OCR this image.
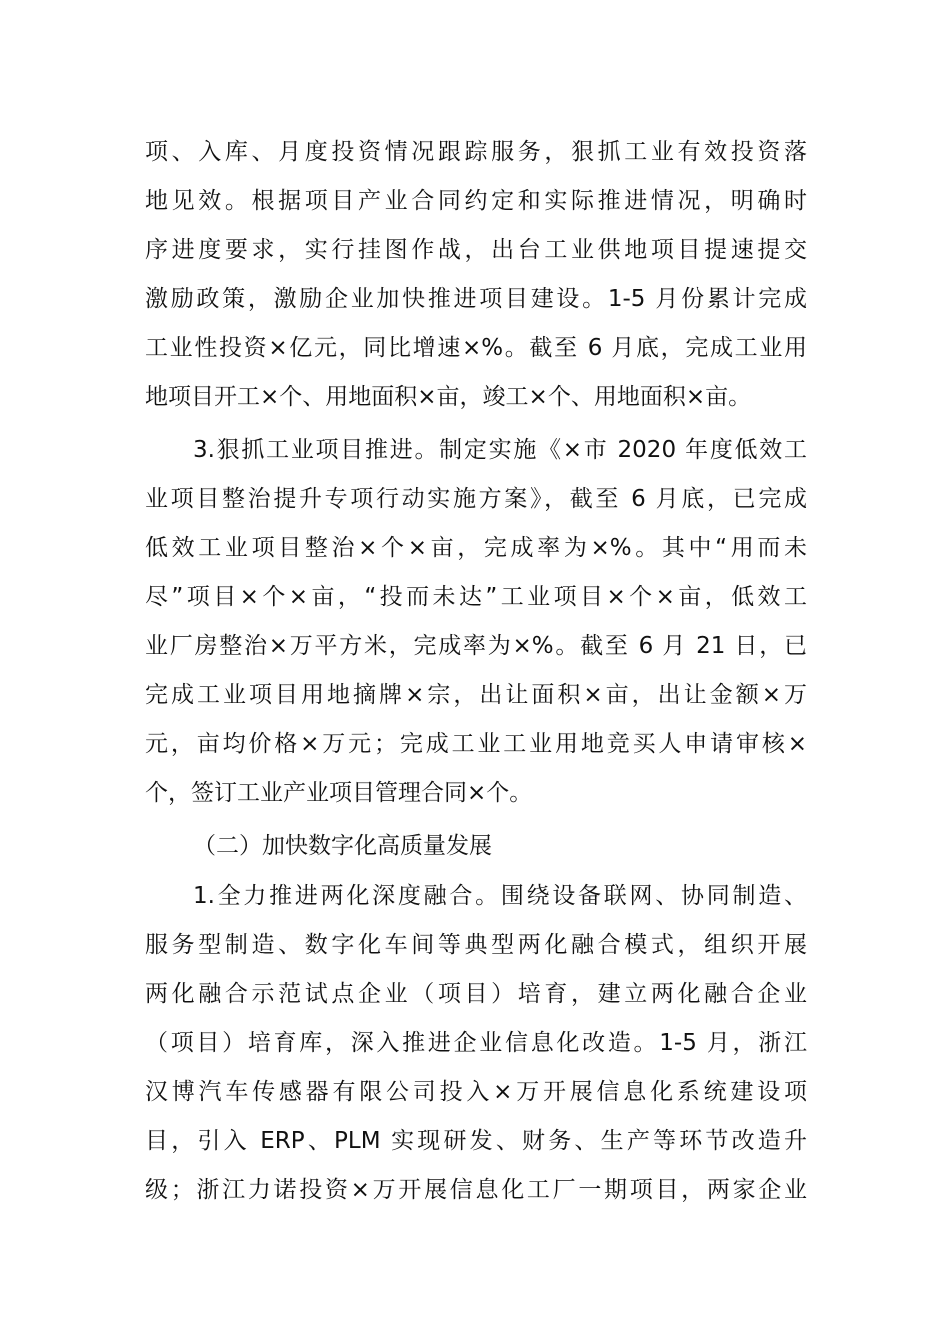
项、入库、月度投资情况跟踪服务，狠抓工业有效投资落
地见效。根据项目产业合同约定和实际推进情况，明确时
序进度要求，实行挂图作战，出台工业供地项目提速提交
激励政策，激励企业加快推进项目建设。1-5 月份累计完成
工业性投资×亿元，同比增速×%。截至 6 月底，完成工业用
地项目开工×个、用地面积×亩，竣工×个、用地面积×亩。
3.狠抓工业项目推进。制定实施《×市 2020 年度低效工
业项目整治提升专项行动实施方案》，截至 6 月底，已完成
低效工业项目整治×个×亩，完成率为×%。其中“用而未
尽”项目×个×亩，“投而未达”工业项目×个×亩，低效工
业厂房整治×万平方米，完成率为×%。截至 6 月 21 日，已
完成工业项目用地摘牌×宗，出让面积×亩，出让金额×万
元，亩均价格×万元；完成工业工业用地竞买人申请审核×
个，签订工业产业项目管理合同×个。
（二）加快数字化高质量发展
1.全力推进两化深度融合。围绕设备联网、协同制造、
服务型制造、数字化车间等典型两化融合模式，组织开展
两化融合示范试点企业（项目）培育，建立两化融合企业
（项目）培育库，深入推进企业信息化改造。1-5 月，浙江
汉博汽车传感器有限公司投入×万开展信息化系统建设项
目，引入 ERP、PLM 实现研发、财务、生产等环节改造升
级；浙江力诺投资×万开展信息化工厂一期项目，两家企业
